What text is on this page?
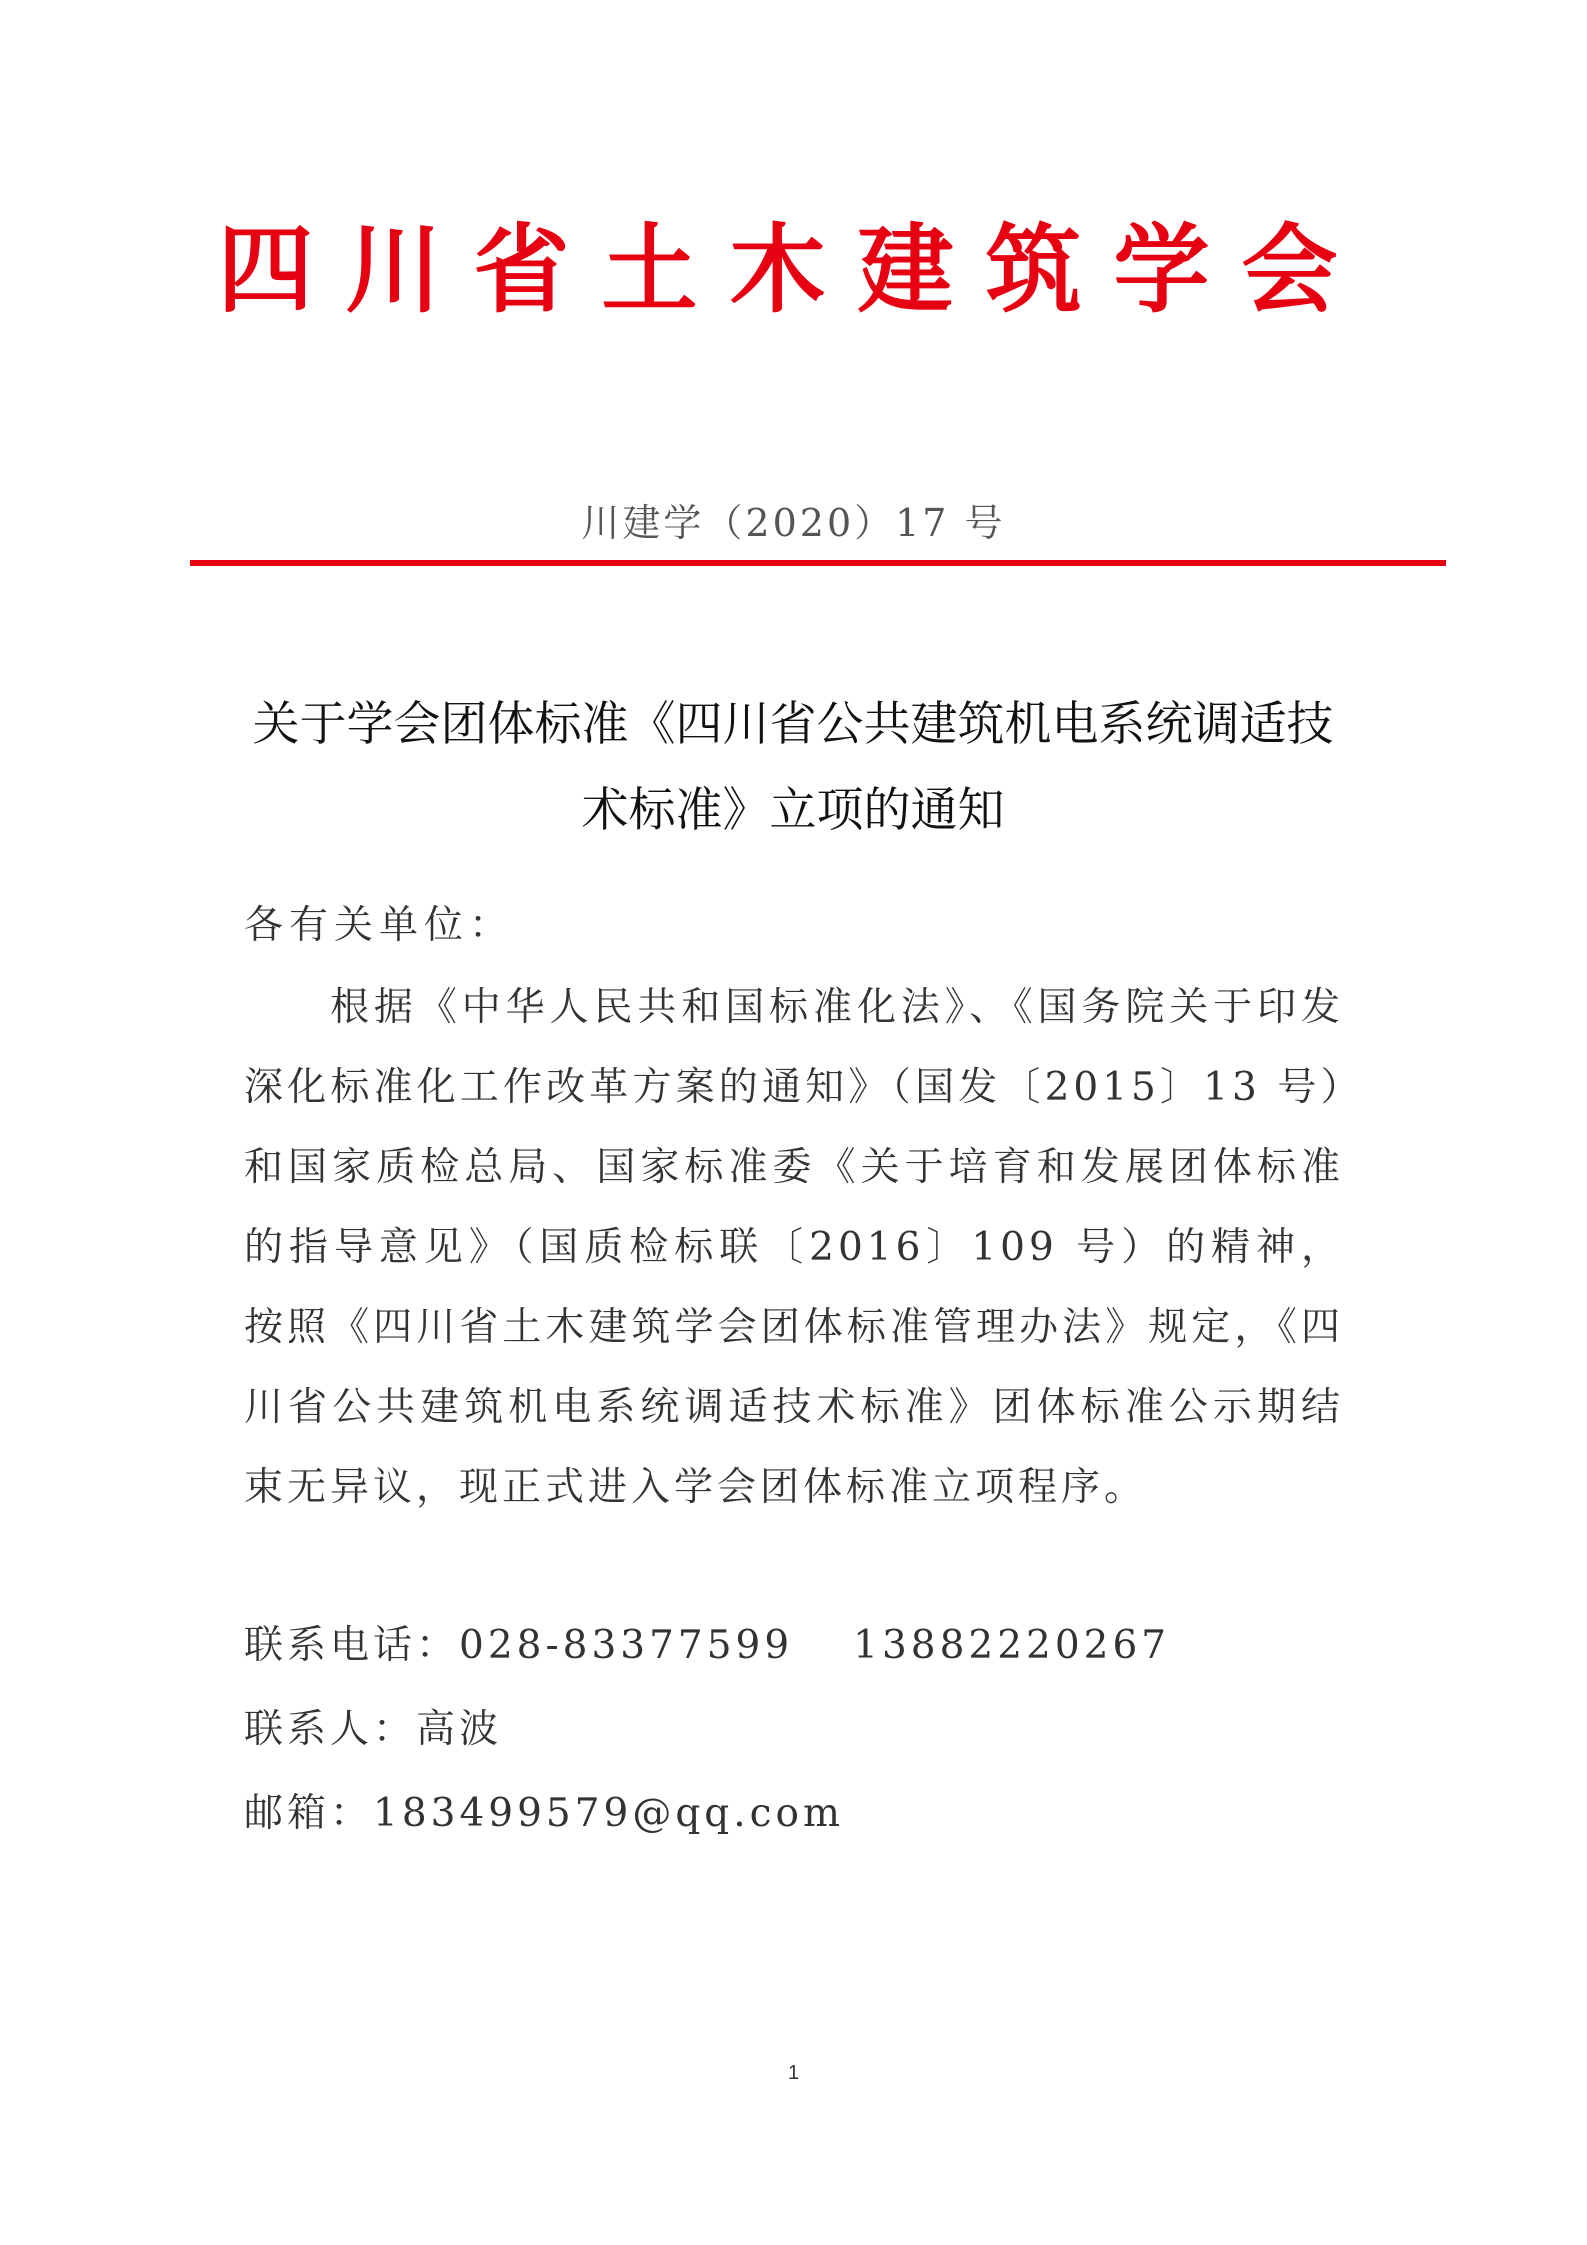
四川省土木建筑学会
川建学（2020）17 号
关于学会团体标准《四川省公共建筑机电系统调适技术标准》立项的通知
各有关单位：
根据《中华人民共和国标准化法》、《国务院关于印发深化标准化工作改革方案的通知》（国发〔2015〕13 号）和国家质检总局、国家标准委《关于培育和发展团体标准的指导意见》（国质检标联〔2016〕109 号）的精神，按照《四川省土木建筑学会团体标准管理办法》规定，《四川省公共建筑机电系统调适技术标准》团体标准公示期结束无异议，现正式进入学会团体标准立项程序。
联系电话：028-83377599 13882220267
联系人：高波
邮箱：183499579@qq.com
1
